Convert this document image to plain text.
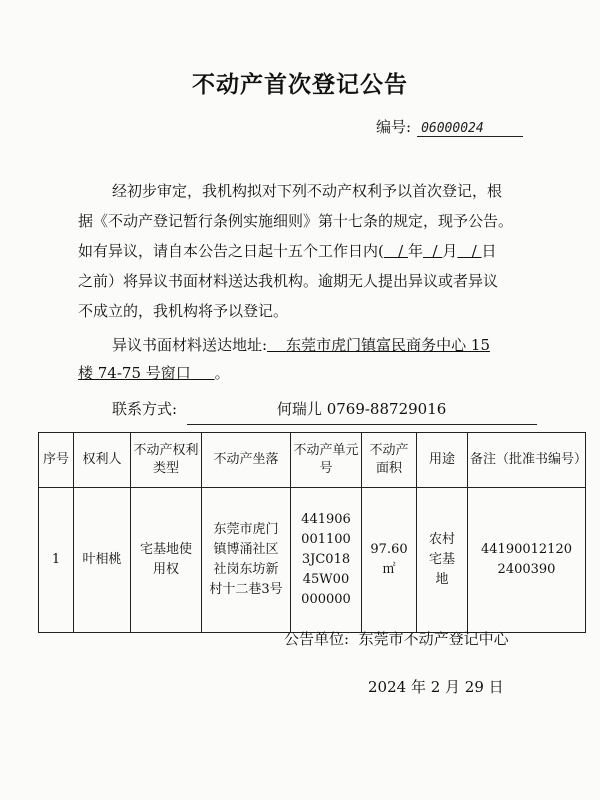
不动产首次登记公告
编号: 06000024
经初步审定，我机构拟对下列不动产权利予以首次登记，根
据《不动产登记暂行条例实施细则》第十七条的规定，现予公告。
如有异议，请自本公告之日起十五个工作日内(   / 年  / 月   / 日
之前）将异议书面材料送达我机构。逾期无人提出异议或者异议
不成立的，我机构将予以登记。
异议书面材料送达地址: 东莞市虎门镇富民商务中心 15
楼 74-75 号窗口 。
联系方式:	何瑞儿 0769-88729016
序号	权利人	不动产权利类型	不动产坐落	不动产单元号	不动产面积	用途	备注（批准书编号）
1	叶相桃	宅基地使用权	东莞市虎门镇博涌社区社岗东坊新村十二巷3号	4419060011003JC01845W00000000	97.60㎡	农村宅基地	441900121202400390
公告单位: 东莞市不动产登记中心
2024 年 2 月 29 日
